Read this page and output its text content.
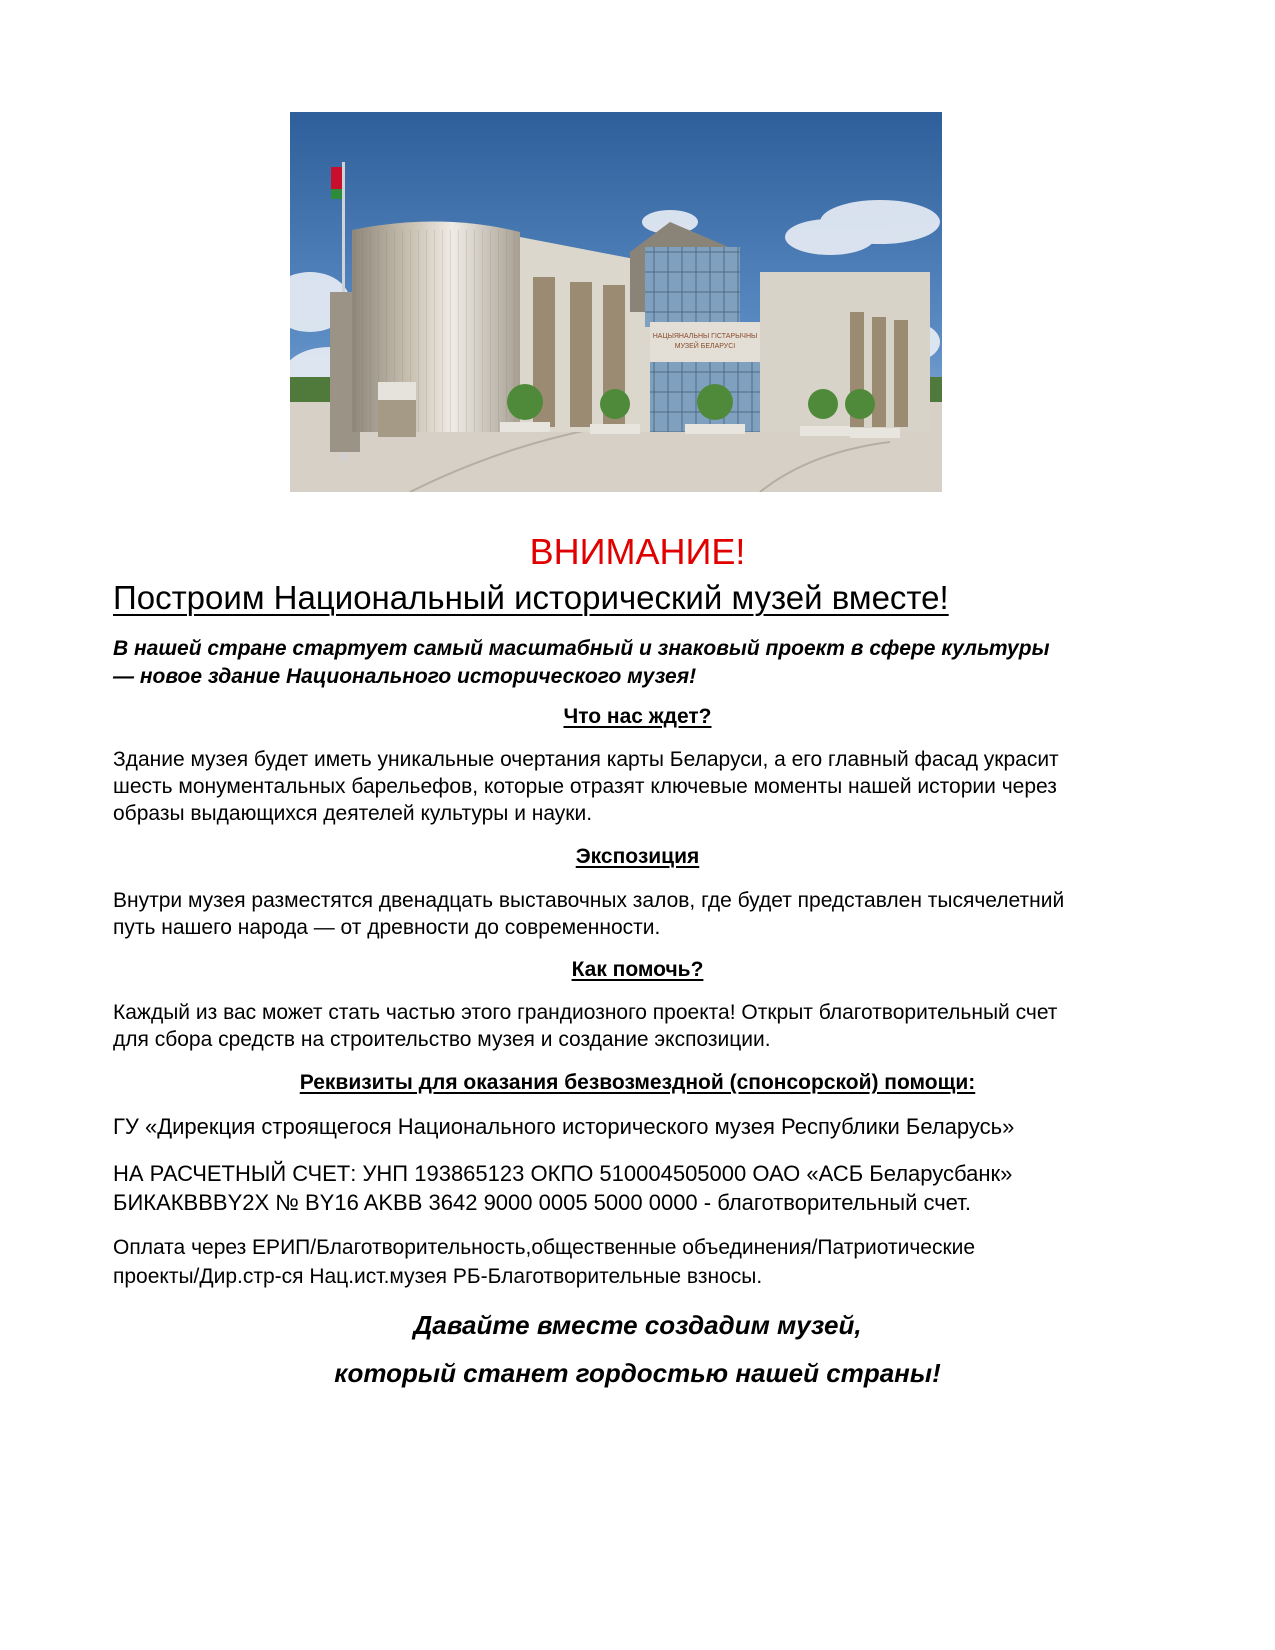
НАЦЫЯНАЛЬНЫ ГІСТАРЫЧНЫ
МУЗЕЙ БЕЛАРУСІ
ВНИМАНИЕ!
Построим Национальный исторический музей вместе!
В нашей стране стартует самый масштабный и знаковый проект в сфере культуры
— новое здание Национального исторического музея!
Что нас ждет?
Здание музея будет иметь уникальные очертания карты Беларуси, а его главный фасад украсит
шесть монументальных барельефов, которые отразят ключевые моменты нашей истории через
образы выдающихся деятелей культуры и науки.
Экспозиция
Внутри музея разместятся двенадцать выставочных залов, где будет представлен тысячелетний
путь нашего народа — от древности до современности.
Как помочь?
Каждый из вас может стать частью этого грандиозного проекта! Открыт благотворительный счет
для сбора средств на строительство музея и создание экспозиции.
Реквизиты для оказания безвозмездной (спонсорской) помощи:
ГУ «Дирекция строящегося Национального исторического музея Республики Беларусь»
НА РАСЧЕТНЫЙ СЧЕТ: УНП 193865123 ОКПО 510004505000 ОАО «АСБ Беларусбанк»
БИКАКВВВY2X № BY16 AKBB 3642 9000 0005 5000 0000 - благотворительный счет.
Оплата через ЕРИП/Благотворительность,общественные объединения/Патриотические
проекты/Дир.стр-ся Нац.ист.музея РБ-Благотворительные взносы.
Давайте вместе создадим музей,
который станет гордостью нашей страны!
